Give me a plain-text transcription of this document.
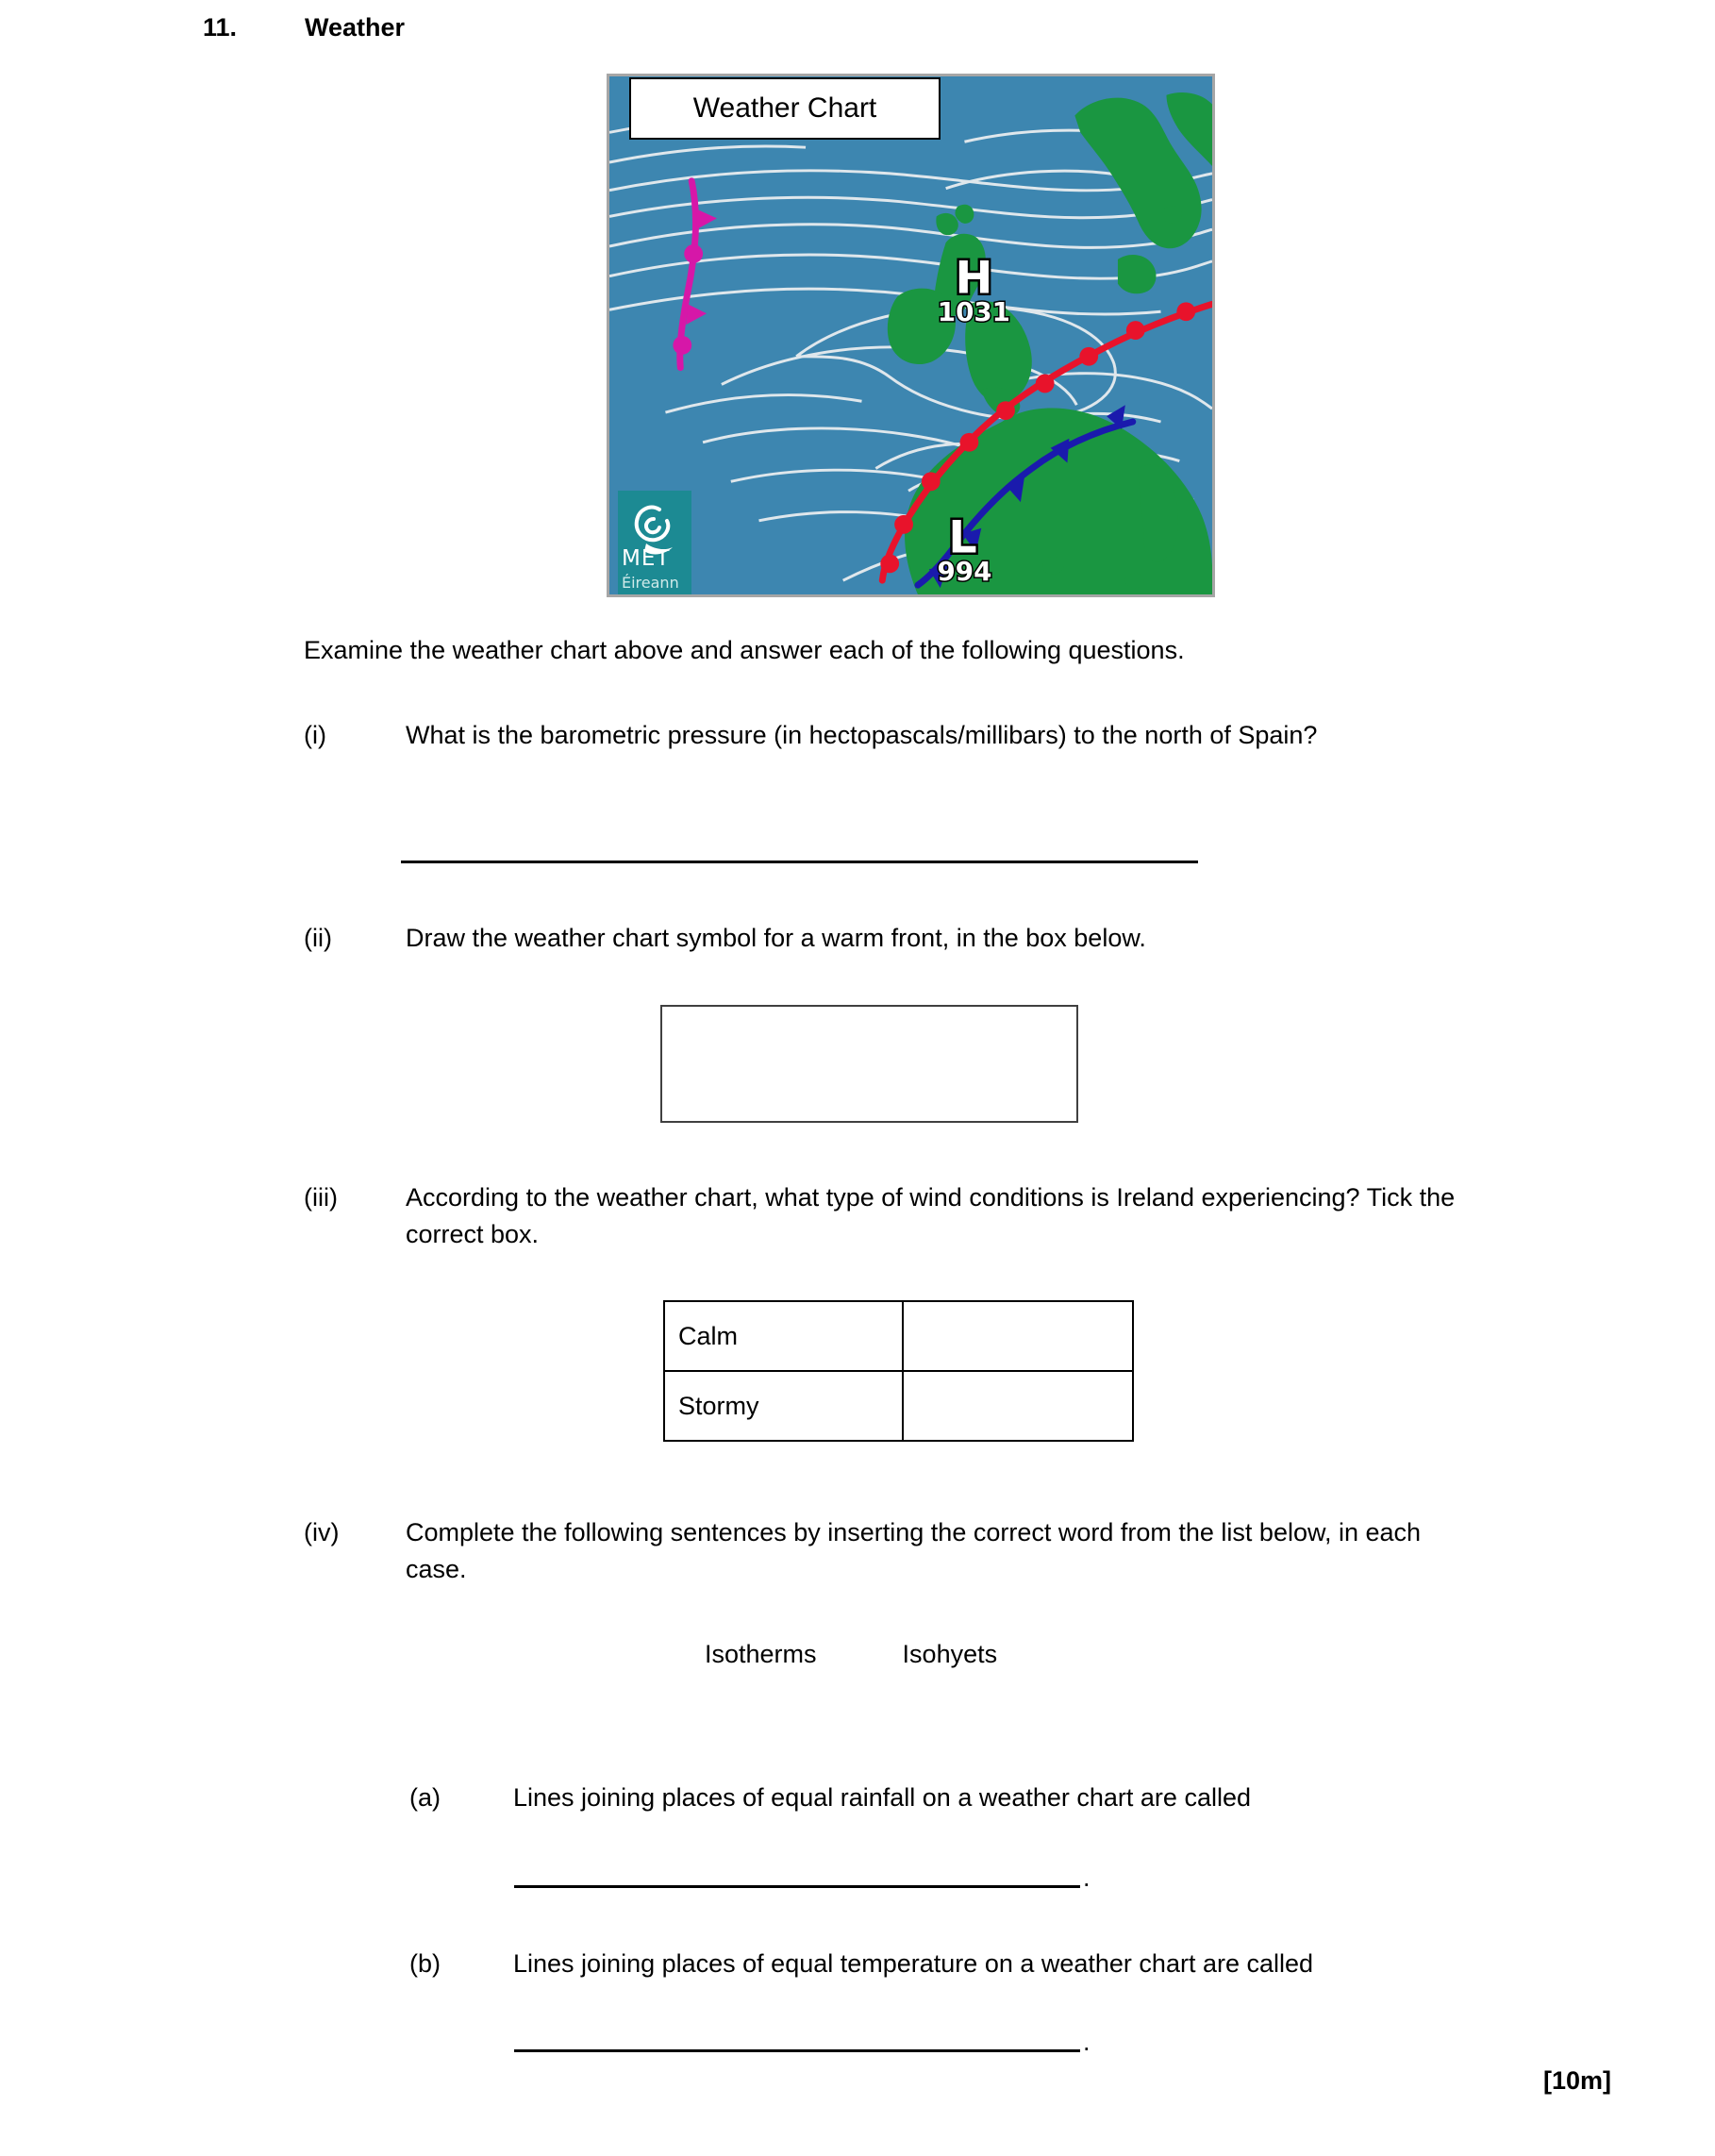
11.	Weather
H
1031
L
994
MET
Éireann
Weather Chart
Examine the weather chart above and answer each of the following questions.
(i)	What is the barometric pressure (in hectopascals/millibars) to the north of Spain?
(ii)	Draw the weather chart symbol for a warm front, in the box below.
(iii)	According to the weather chart, what type of wind conditions is Ireland experiencing? Tick the correct box.
Calm	
Stormy	
(iv)	Complete the following sentences by inserting the correct word from the list below, in each case.
Isotherms	Isohyets
(a)	Lines joining places of equal rainfall on a weather chart are called
.
(b)	Lines joining places of equal temperature on a weather chart are called
.
[10m]
